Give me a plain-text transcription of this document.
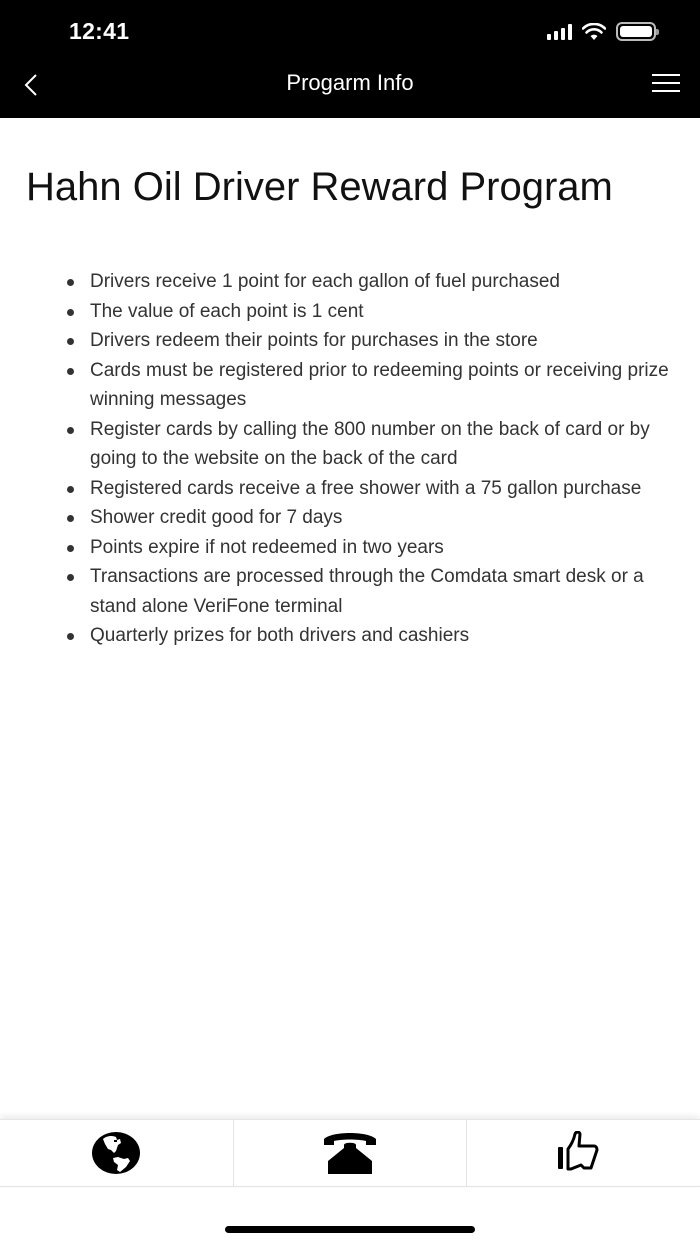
12:41
Progarm Info
Hahn Oil Driver Reward Program
Drivers receive 1 point for each gallon of fuel purchased
The value of each point is 1 cent
Drivers redeem their points for purchases in the store
Cards must be registered prior to redeeming points or receiving prize winning messages
Register cards by calling the 800 number on the back of card or by going to the website on the back of the card
Registered cards receive a free shower with a 75 gallon purchase
Shower credit good for 7 days
Points expire if not redeemed in two years
Transactions are processed through the Comdata smart desk or a stand alone VeriFone terminal
Quarterly prizes for both drivers and cashiers
